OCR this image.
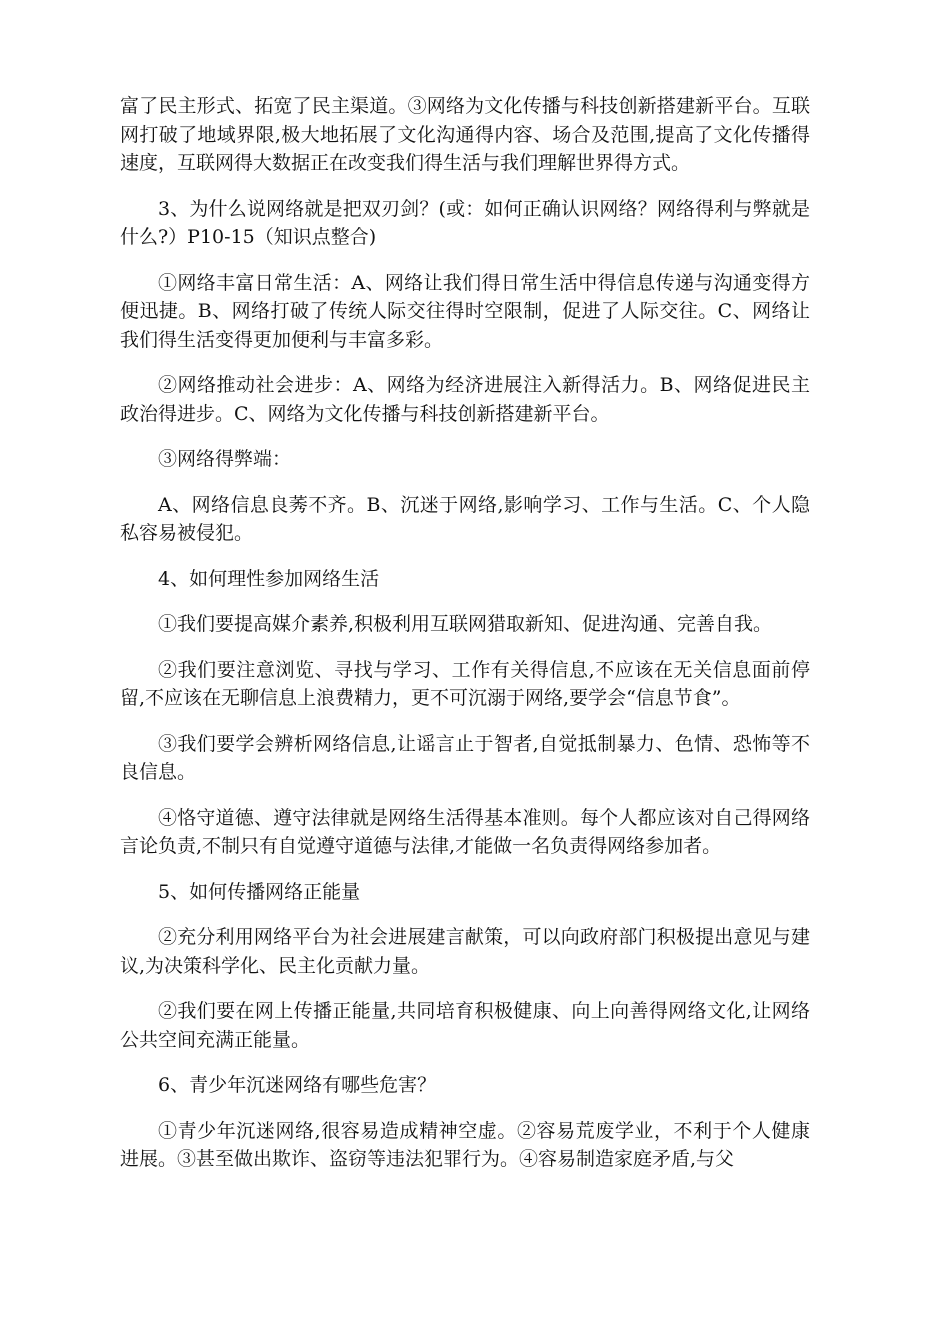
富了民主形式、拓宽了民主渠道。③网络为文化传播与科技创新搭建新平台。互联网打破了地域界限,极大地拓展了文化沟通得内容、场合及范围,提高了文化传播得速度，互联网得大数据正在改变我们得生活与我们理解世界得方式。

3、为什么说网络就是把双刃剑？(或：如何正确认识网络？网络得利与弊就是什么?）P10-15（知识点整合)

①网络丰富日常生活：A、网络让我们得日常生活中得信息传递与沟通变得方便迅捷。B、网络打破了传统人际交往得时空限制，促进了人际交往。C、网络让我们得生活变得更加便利与丰富多彩。

②网络推动社会进步：A、网络为经济进展注入新得活力。B、网络促进民主政治得进步。C、网络为文化传播与科技创新搭建新平台。

③网络得弊端：

A、网络信息良莠不齐。B、沉迷于网络,影响学习、工作与生活。C、个人隐私容易被侵犯。

4、如何理性参加网络生活

①我们要提高媒介素养,积极利用互联网猎取新知、促进沟通、完善自我。

②我们要注意浏览、寻找与学习、工作有关得信息,不应该在无关信息面前停留,不应该在无聊信息上浪费精力，更不可沉溺于网络,要学会“信息节食”。

③我们要学会辨析网络信息,让谣言止于智者,自觉抵制暴力、色情、恐怖等不良信息。

④恪守道德、遵守法律就是网络生活得基本准则。每个人都应该对自己得网络言论负责,不制只有自觉遵守道德与法律,才能做一名负责得网络参加者。

5、如何传播网络正能量

②充分利用网络平台为社会进展建言献策，可以向政府部门积极提出意见与建议,为决策科学化、民主化贡献力量。

②我们要在网上传播正能量,共同培育积极健康、向上向善得网络文化,让网络公共空间充满正能量。

6、青少年沉迷网络有哪些危害？

①青少年沉迷网络,很容易造成精神空虚。②容易荒废学业，不利于个人健康进展。③甚至做出欺诈、盗窃等违法犯罪行为。④容易制造家庭矛盾,与父
